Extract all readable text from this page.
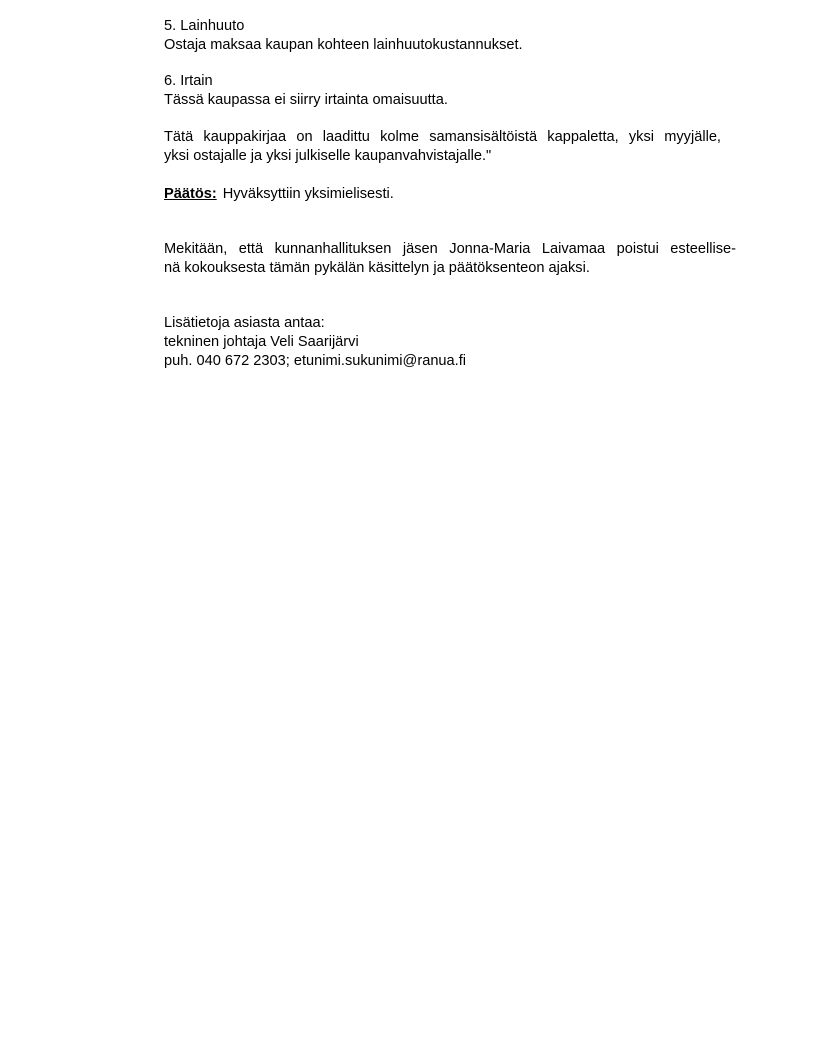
5. Lainhuuto
Ostaja maksaa kaupan kohteen lainhuutokustannukset.
6. Irtain
Tässä kaupassa ei siirry irtainta omaisuutta.
Tätä kauppakirjaa on laadittu kolme samansisältöistä kappaletta, yksi myyjälle,
yksi ostajalle ja yksi julkiselle kaupanvahvistajalle."
Päätös: Hyväksyttiin yksimielisesti.
Mekitään, että kunnanhallituksen jäsen Jonna-Maria Laivamaa poistui esteellise-
nä kokouksesta tämän pykälän käsittelyn ja päätöksenteon ajaksi.
Lisätietoja asiasta antaa:
tekninen johtaja Veli Saarijärvi
puh. 040 672 2303; etunimi.sukunimi@ranua.fi
